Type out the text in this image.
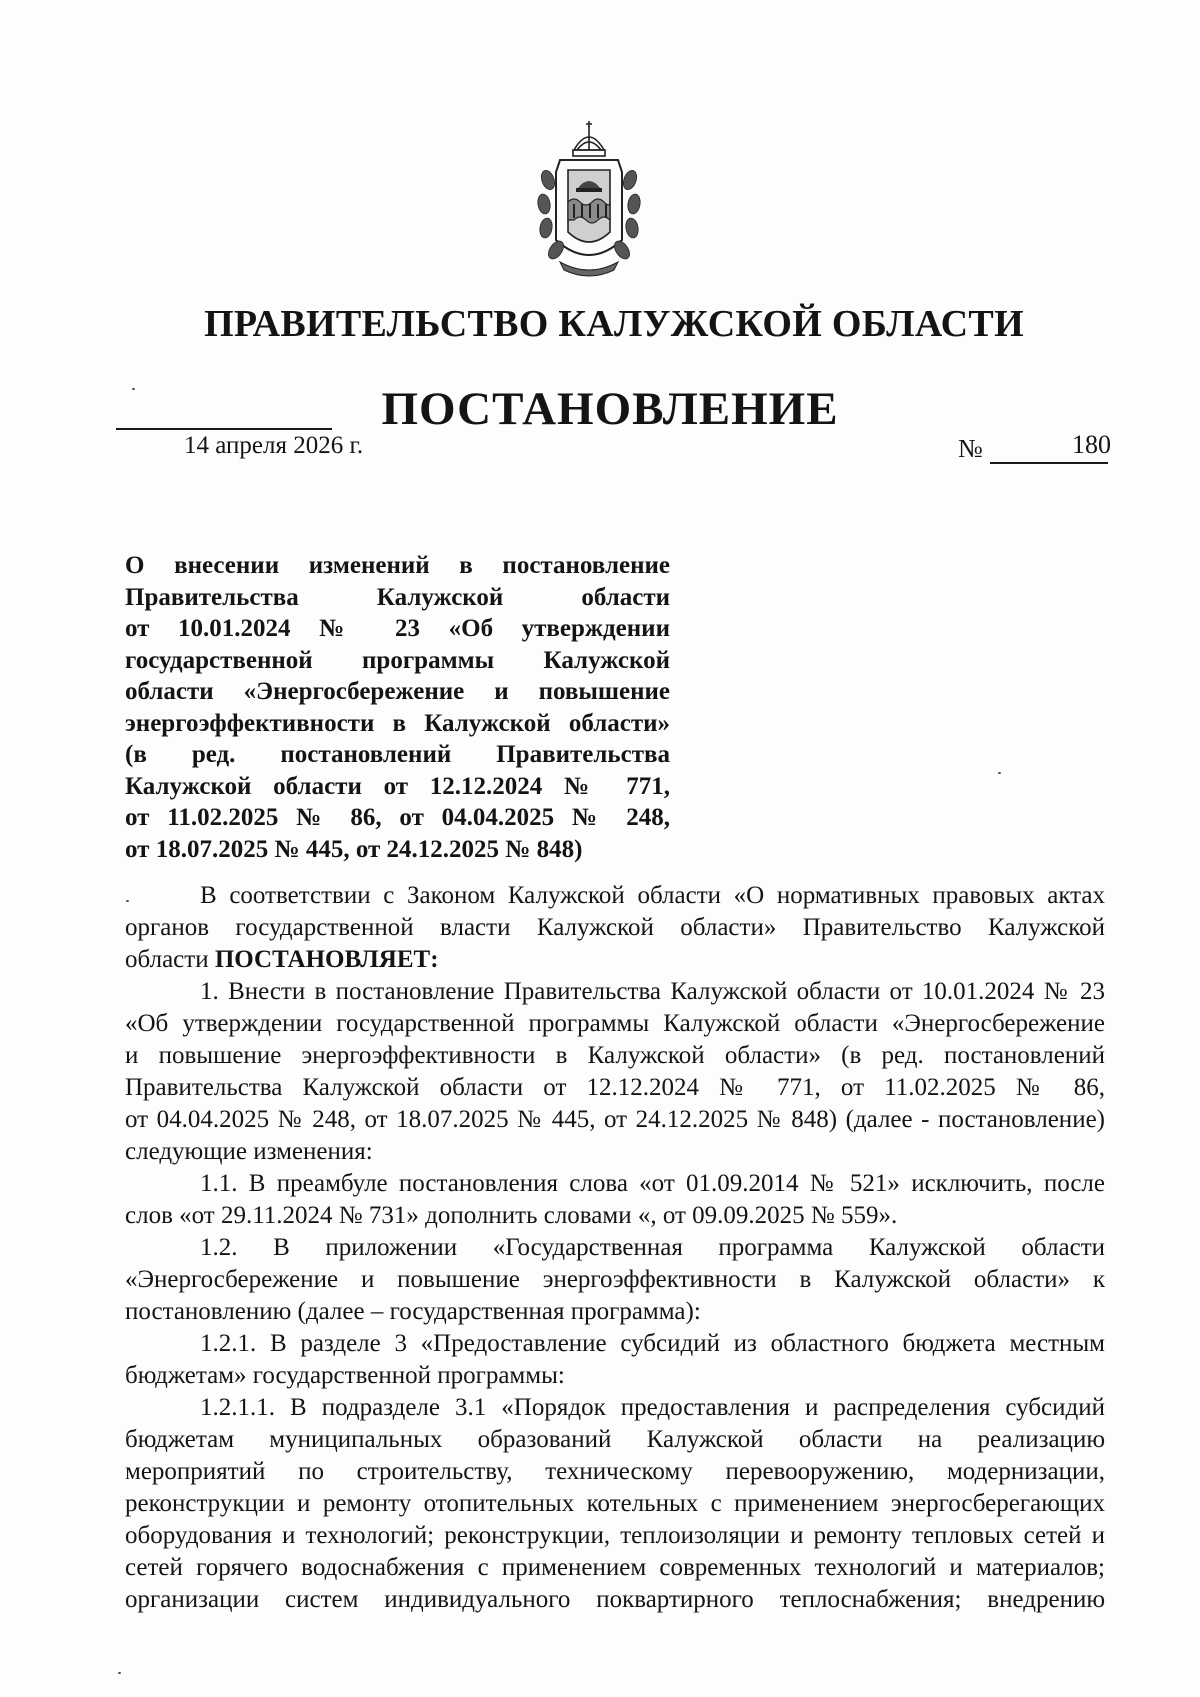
ПРАВИТЕЛЬСТВО КАЛУЖСКОЙ ОБЛАСТИ
ПОСТАНОВЛЕНИЕ
14 апреля 2026 г.	№	180
О внесении изменений в постановление
Правительства Калужской области
от 10.01.2024 № 23 «Об утверждении
государственной программы Калужской
области «Энергосбережение и повышение
энергоэффективности в Калужской области»
(в ред. постановлений Правительства
Калужской области от 12.12.2024 № 771,
от 11.02.2025 № 86, от 04.04.2025 № 248,
от 18.07.2025 № 445, от 24.12.2025 № 848)
В соответствии с Законом Калужской области «О нормативных правовых актах
органов государственной власти Калужской области» Правительство Калужской
области ПОСТАНОВЛЯЕТ:
1. Внести в постановление Правительства Калужской области от 10.01.2024 № 23
«Об утверждении государственной программы Калужской области «Энергосбережение
и повышение энергоэффективности в Калужской области» (в ред. постановлений
Правительства Калужской области от 12.12.2024 № 771, от 11.02.2025 № 86,
от 04.04.2025 № 248, от 18.07.2025 № 445, от 24.12.2025 № 848) (далее - постановление)
следующие изменения:
1.1. В преамбуле постановления слова «от 01.09.2014 № 521» исключить, после
слов «от 29.11.2024 № 731» дополнить словами «, от 09.09.2025 № 559».
1.2. В приложении «Государственная программа Калужской области
«Энергосбережение и повышение энергоэффективности в Калужской области» к
постановлению (далее – государственная программа):
1.2.1. В разделе 3 «Предоставление субсидий из областного бюджета местным
бюджетам» государственной программы:
1.2.1.1. В подразделе 3.1 «Порядок предоставления и распределения субсидий
бюджетам муниципальных образований Калужской области на реализацию
мероприятий по строительству, техническому перевооружению, модернизации,
реконструкции и ремонту отопительных котельных с применением энергосберегающих
оборудования и технологий; реконструкции, теплоизоляции и ремонту тепловых сетей и
сетей горячего водоснабжения с применением современных технологий и материалов;
организации систем индивидуального поквартирного теплоснабжения; внедрению
